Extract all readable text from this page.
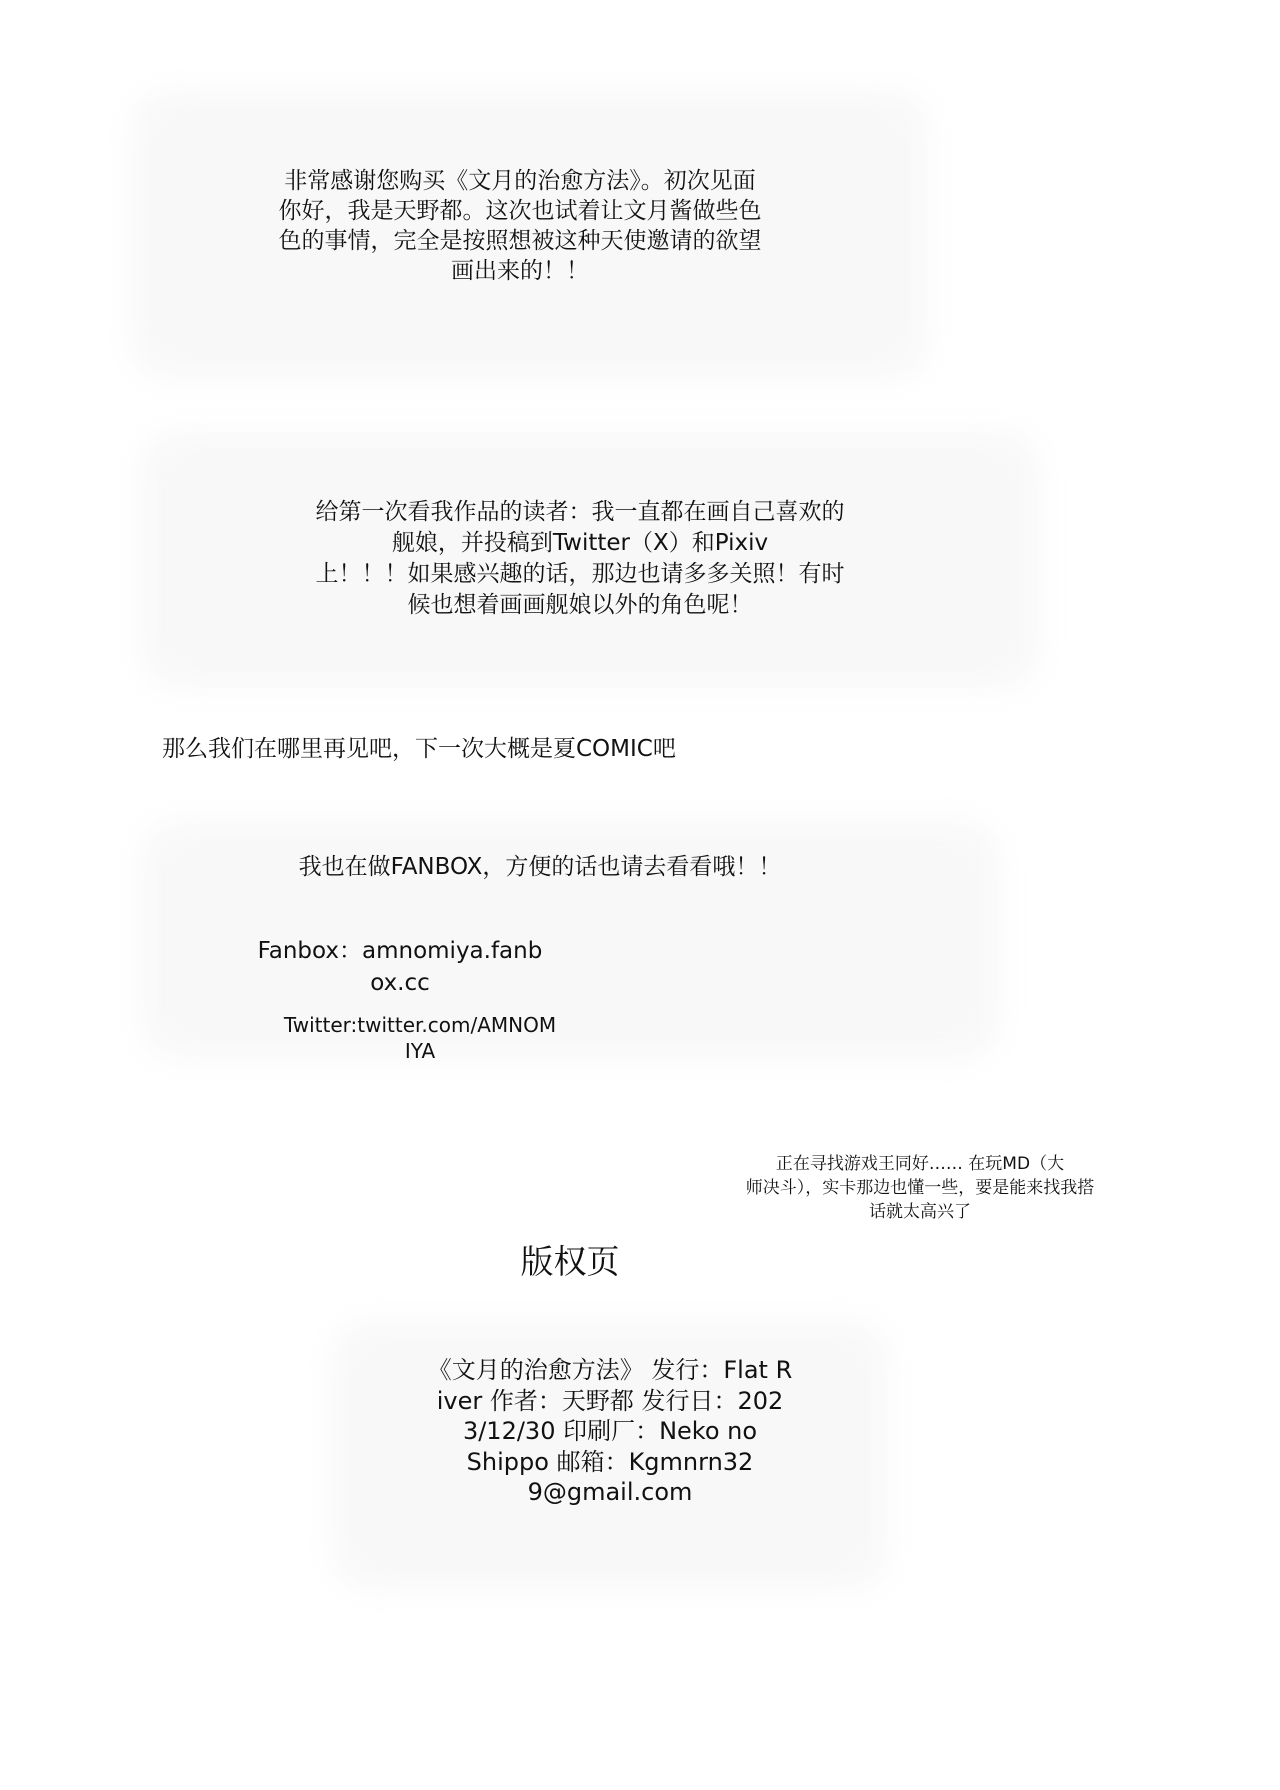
非常感谢您购买《文月的治愈方法》。初次见面
你好，我是天野都。这次也试着让文月酱做些色
色的事情，完全是按照想被这种天使邀请的欲望
画出来的！！
给第一次看我作品的读者：我一直都在画自己喜欢的
舰娘，并投稿到Twitter（X）和Pixiv
上！！！如果感兴趣的话，那边也请多多关照！有时
候也想着画画舰娘以外的角色呢！
那么我们在哪里再见吧，下一次大概是夏COMIC吧
我也在做FANBOX，方便的话也请去看看哦！！
Fanbox：amnomiya.fanb
ox.cc
Twitter:twitter.com/AMNOM
IYA
正在寻找游戏王同好…… 在玩MD（大
师决斗），实卡那边也懂一些，要是能来找我搭
话就太高兴了
版权页
《文月的治愈方法》 发行：Flat R
iver 作者：天野都 发行日：202
3/12/30 印刷厂：Neko no
Shippo 邮箱：Kgmnrn32
9@gmail.com
